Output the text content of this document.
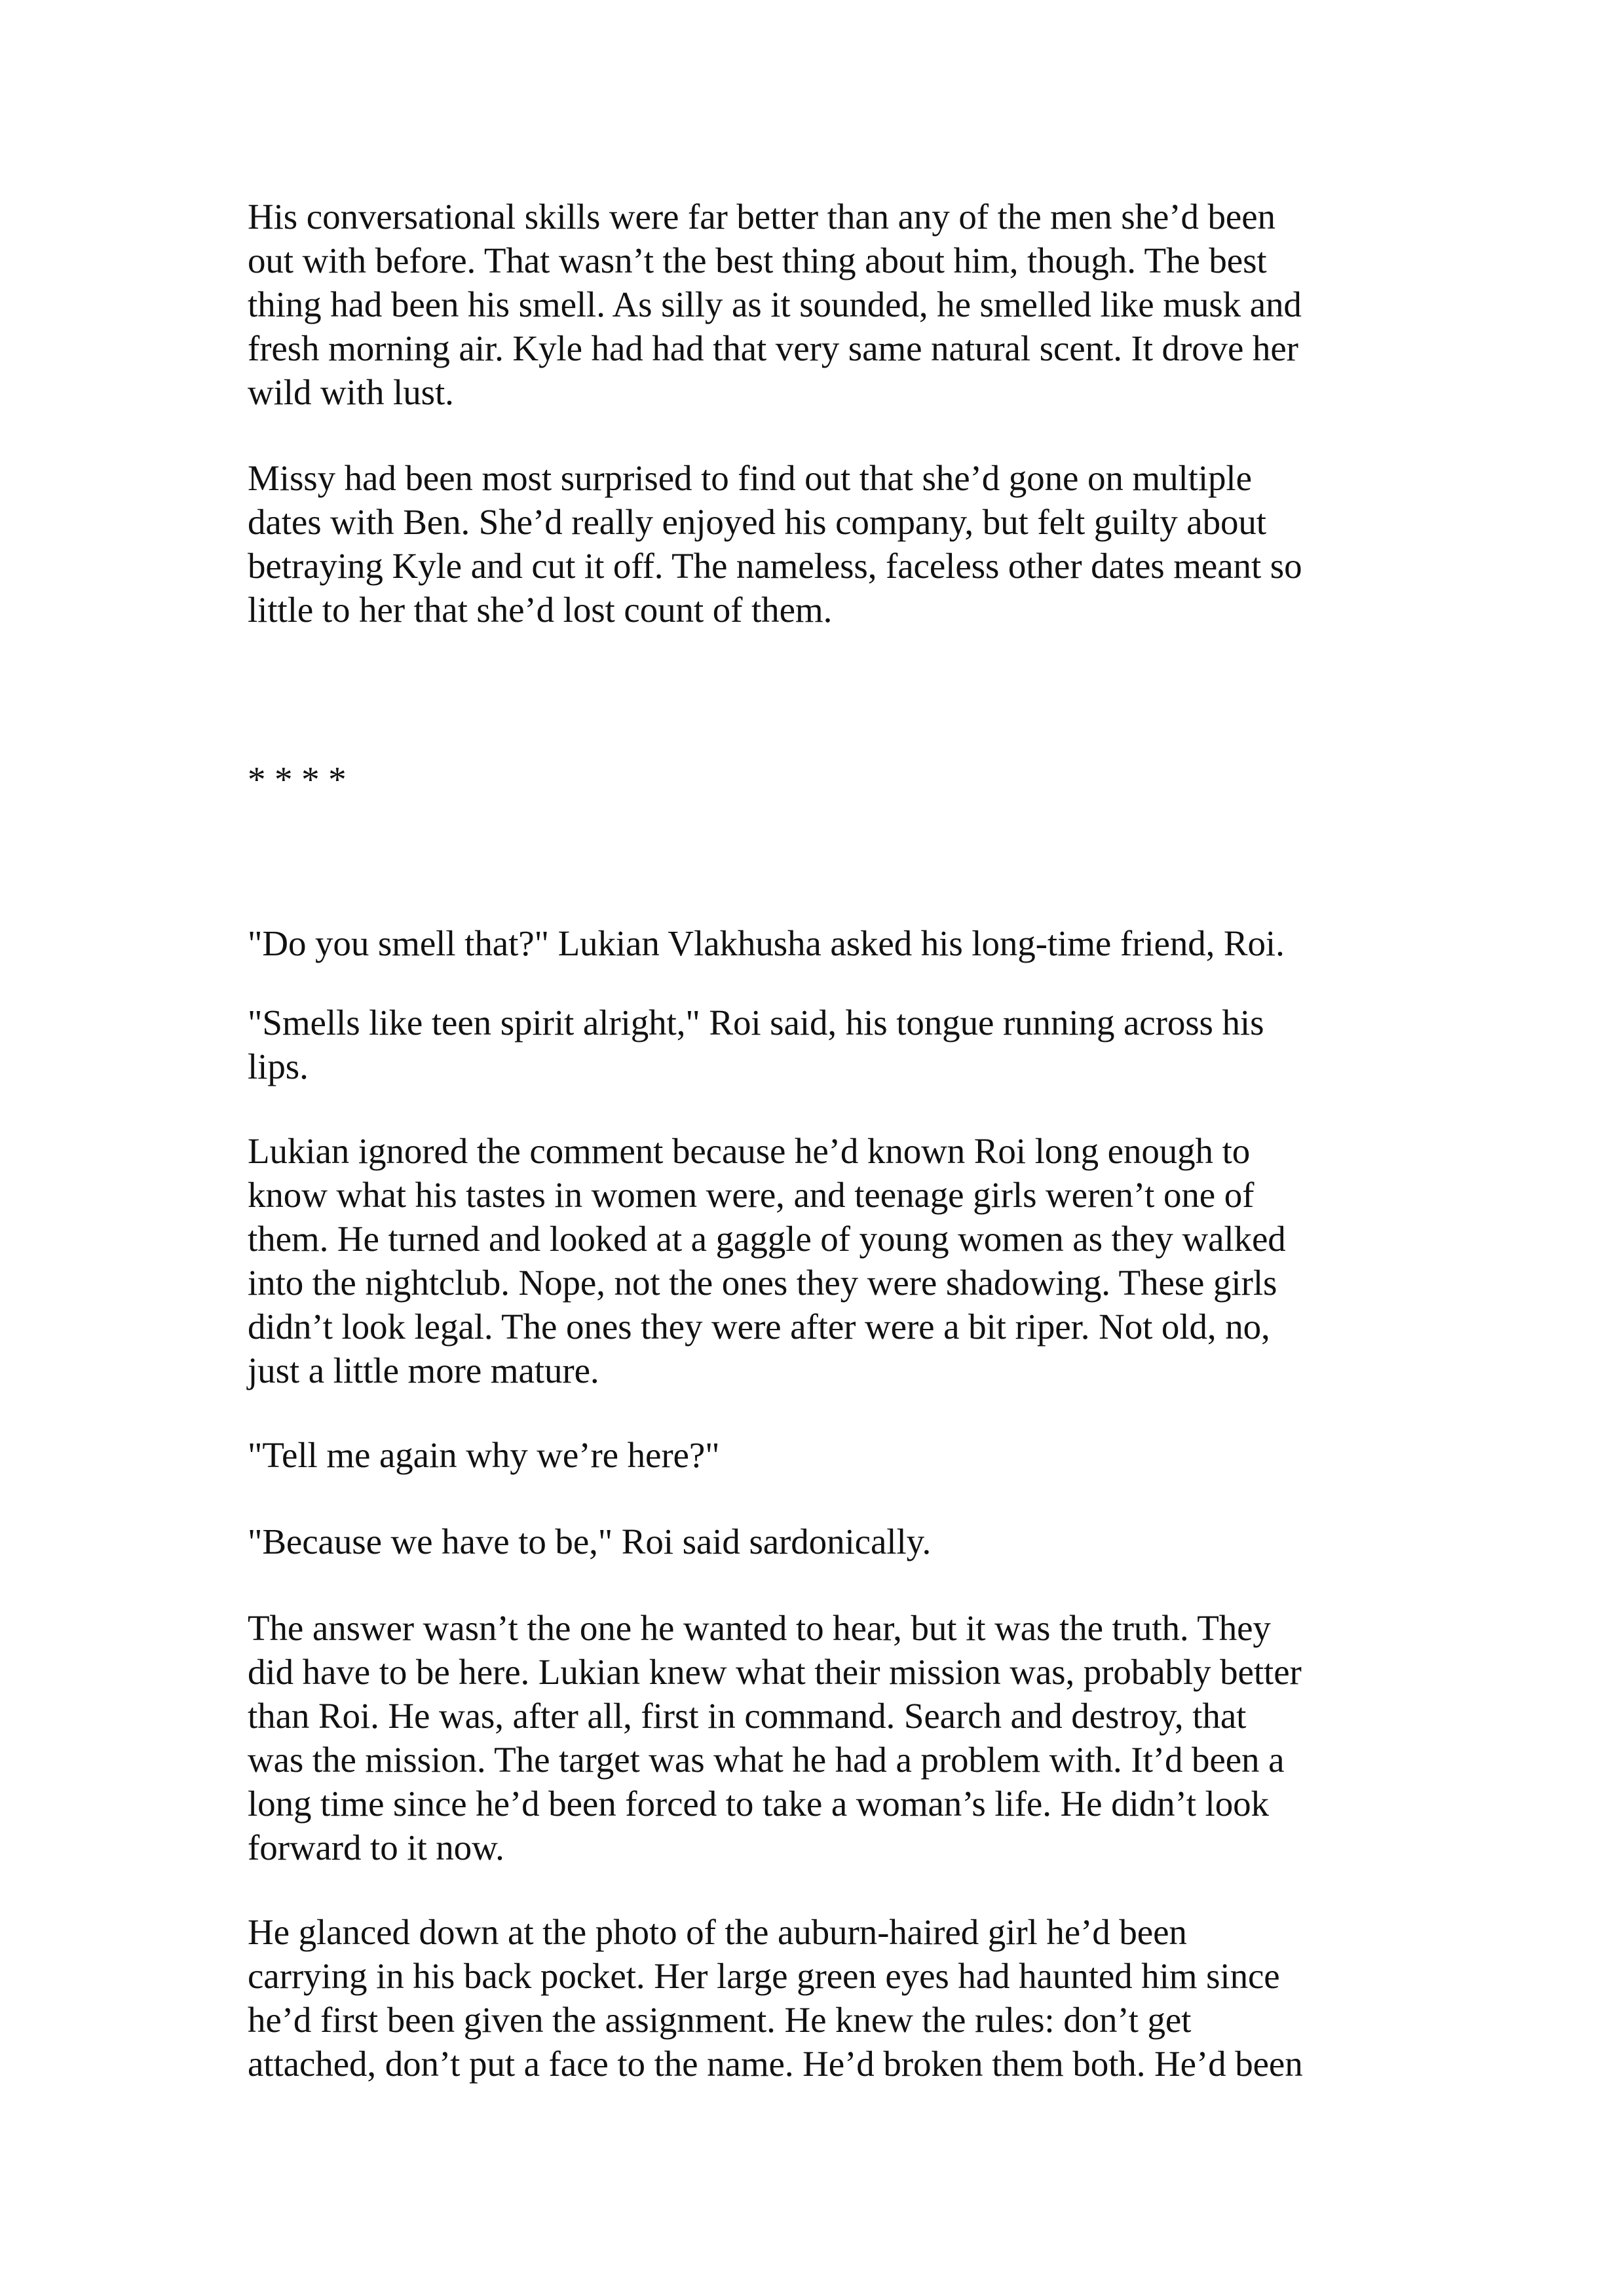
His conversational skills were far better than any of the men she’d been
out with before. That wasn’t the best thing about him, though. The best
thing had been his smell. As silly as it sounded, he smelled like musk and
fresh morning air. Kyle had had that very same natural scent. It drove her
wild with lust.
Missy had been most surprised to find out that she’d gone on multiple
dates with Ben. She’d really enjoyed his company, but felt guilty about
betraying Kyle and cut it off. The nameless, faceless other dates meant so
little to her that she’d lost count of them.
* * * *
"Do you smell that?" Lukian Vlakhusha asked his long-time friend, Roi.
"Smells like teen spirit alright," Roi said, his tongue running across his
lips.
Lukian ignored the comment because he’d known Roi long enough to
know what his tastes in women were, and teenage girls weren’t one of
them. He turned and looked at a gaggle of young women as they walked
into the nightclub. Nope, not the ones they were shadowing. These girls
didn’t look legal. The ones they were after were a bit riper. Not old, no,
just a little more mature.
"Tell me again why we’re here?"
"Because we have to be," Roi said sardonically.
The answer wasn’t the one he wanted to hear, but it was the truth. They
did have to be here. Lukian knew what their mission was, probably better
than Roi. He was, after all, first in command. Search and destroy, that
was the mission. The target was what he had a problem with. It’d been a
long time since he’d been forced to take a woman’s life. He didn’t look
forward to it now.
He glanced down at the photo of the auburn-haired girl he’d been
carrying in his back pocket. Her large green eyes had haunted him since
he’d first been given the assignment. He knew the rules: don’t get
attached, don’t put a face to the name. He’d broken them both. He’d been
